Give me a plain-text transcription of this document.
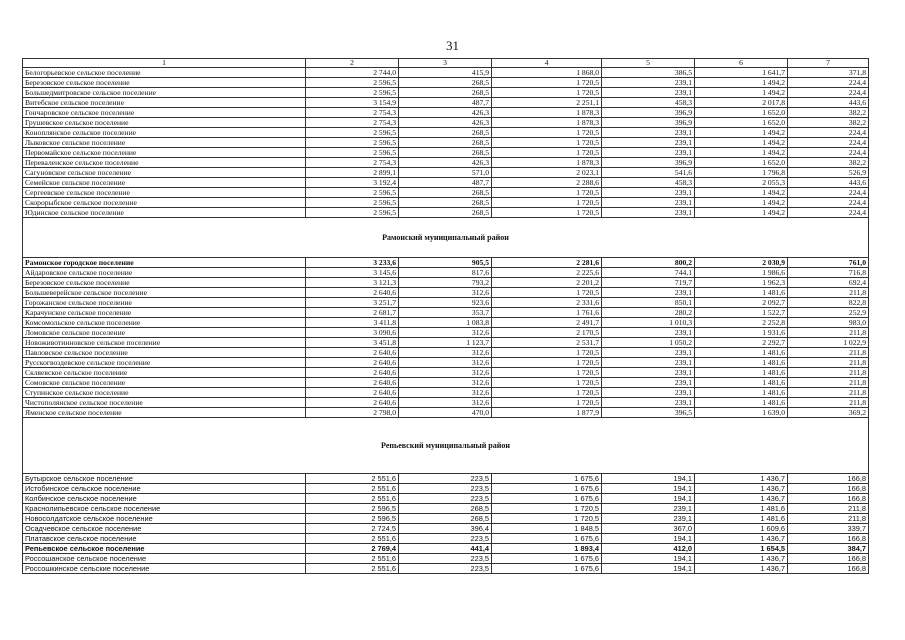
31
1	2	3	4	5	6	7
Белогорьевское сельское поселение	2 744,0	415,9	1 868,0	386,5	1 641,7	371,8
Березовское сельское поселение	2 596,5	268,5	1 720,5	239,1	1 494,2	224,4
Большедмитровское сельское поселение	2 596,5	268,5	1 720,5	239,1	1 494,2	224,4
Витебское сельское поселение	3 154,9	487,7	2 251,1	458,3	2 017,8	443,6
Гончаровское сельское поселение	2 754,3	426,3	1 878,3	396,9	1 652,0	382,2
Грушевское сельское поселение	2 754,3	426,3	1 878,3	396,9	1 652,0	382,2
Коноплянское сельское поселение	2 596,5	268,5	1 720,5	239,1	1 494,2	224,4
Лыковское сельское поселение	2 596,5	268,5	1 720,5	239,1	1 494,2	224,4
Первомайское сельское поселение	2 596,5	268,5	1 720,5	239,1	1 494,2	224,4
Переваленское сельское поселение	2 754,3	426,3	1 878,3	396,9	1 652,0	382,2
Сагуновское сельское поселение	2 899,1	571,0	2 023,1	541,6	1 796,8	526,9
Семейское сельское поселение	3 192,4	487,7	2 288,6	458,3	2 055,3	443,6
Сергеевское сельское поселение	2 596,5	268,5	1 720,5	239,1	1 494,2	224,4
Скорорыбское сельское поселение	2 596,5	268,5	1 720,5	239,1	1 494,2	224,4
Юдинское сельское поселение	2 596,5	268,5	1 720,5	239,1	1 494,2	224,4
Рамонский муниципальный район						
Рамонское городское поселение	3 233,6	905,5	2 281,6	800,2	2 030,9	761,0
Айдаровское сельское поселение	3 145,6	817,6	2 225,6	744,1	1 986,6	716,8
Березовское сельское поселение	3 121,3	793,2	2 201,2	719,7	1 962,3	692,4
Большеверейское сельское поселение	2 640,6	312,6	1 720,5	239,1	1 481,6	211,8
Горожанское сельское поселение	3 251,7	923,6	2 331,6	850,1	2 092,7	822,8
Карачунское сельское поселение	2 681,7	353,7	1 761,6	280,2	1 522,7	252,9
Комсомольское сельское поселение	3 411,8	1 083,8	2 491,7	1 010,3	2 252,8	983,0
Ломовское сельское поселение	3 090,6	312,6	2 170,5	239,1	1 931,6	211,8
Новоживотинновское сельское поселение	3 451,8	1 123,7	2 531,7	1 050,2	2 292,7	1 022,9
Павловское сельское поселение	2 640,6	312,6	1 720,5	239,1	1 481,6	211,8
Русскогвоздевское сельское поселение	2 640,6	312,6	1 720,5	239,1	1 481,6	211,8
Скляевское сельское поселение	2 640,6	312,6	1 720,5	239,1	1 481,6	211,8
Сомовское сельское поселение	2 640,6	312,6	1 720,5	239,1	1 481,6	211,8
Ступинское сельское поселение	2 640,6	312,6	1 720,5	239,1	1 481,6	211,8
Чистополянское сельское поселение	2 640,6	312,6	1 720,5	239,1	1 481,6	211,8
Яменское сельское поселение	2 798,0	470,0	1 877,9	396,5	1 639,0	369,2
Репьевский муниципальный район						
Бутырское сельское поселение	2 551,6	223,5	1 675,6	194,1	1 436,7	166,8
Истобинское сельское поселение	2 551,6	223,5	1 675,6	194,1	1 436,7	166,8
Колбинское сельское поселение	2 551,6	223,5	1 675,6	194,1	1 436,7	166,8
Краснолипьевское сельское поселение	2 596,5	268,5	1 720,5	239,1	1 481,6	211,8
Новосолдатское сельское поселение	2 596,5	268,5	1 720,5	239,1	1 481,6	211,8
Осадчевское сельское поселение	2 724,5	396,4	1 848,5	367,0	1 609,6	339,7
Платавское сельское поселение	2 551,6	223,5	1 675,6	194,1	1 436,7	166,8
Репьевское сельское поселение	2 769,4	441,4	1 893,4	412,0	1 654,5	384,7
Россошанское сельское поселение	2 551,6	223,5	1 675,6	194,1	1 436,7	166,8
Россошкинское сельские поселение	2 551,6	223,5	1 675,6	194,1	1 436,7	166,8
